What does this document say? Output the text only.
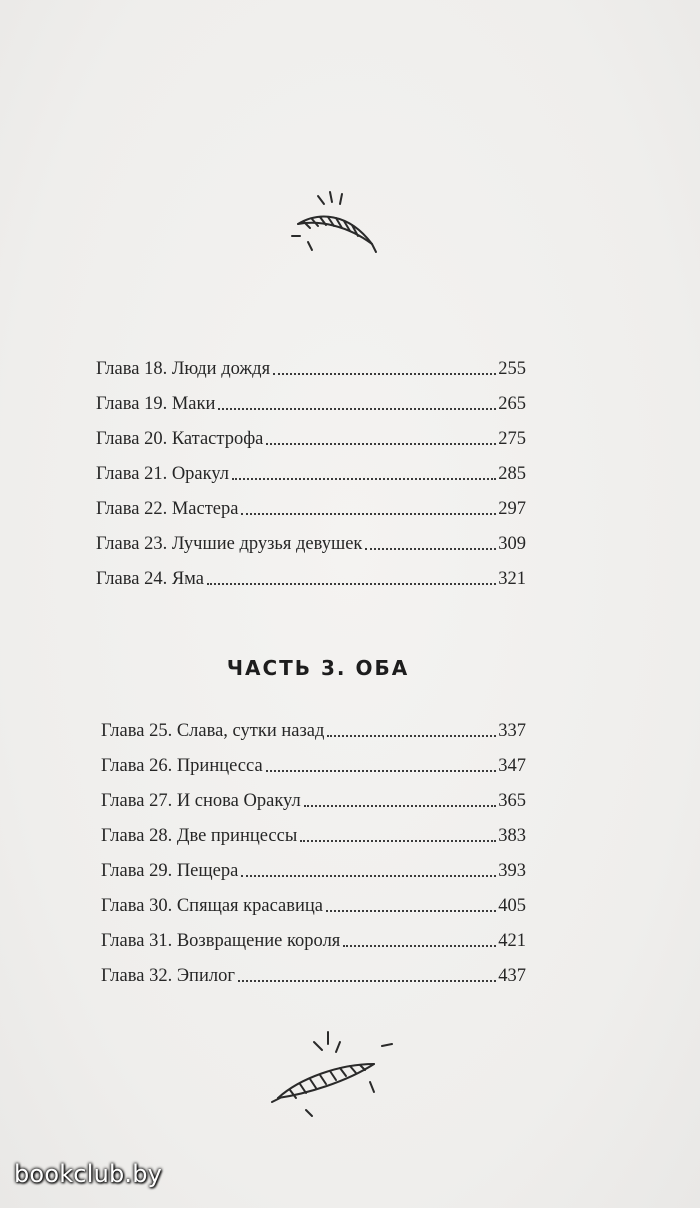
Глава 18. Люди дождя	255
Глава 19. Маки	265
Глава 20. Катастрофа	275
Глава 21. Оракул	285
Глава 22. Мастера	297
Глава 23. Лучшие друзья девушек	309
Глава 24. Яма	321
ЧАСТЬ 3. ОБА
Глава 25. Слава, сутки назад	337
Глава 26. Принцесса	347
Глава 27. И снова Оракул	365
Глава 28. Две принцессы	383
Глава 29. Пещера	393
Глава 30. Спящая красавица	405
Глава 31. Возвращение короля	421
Глава 32. Эпилог	437
bookclub.by
